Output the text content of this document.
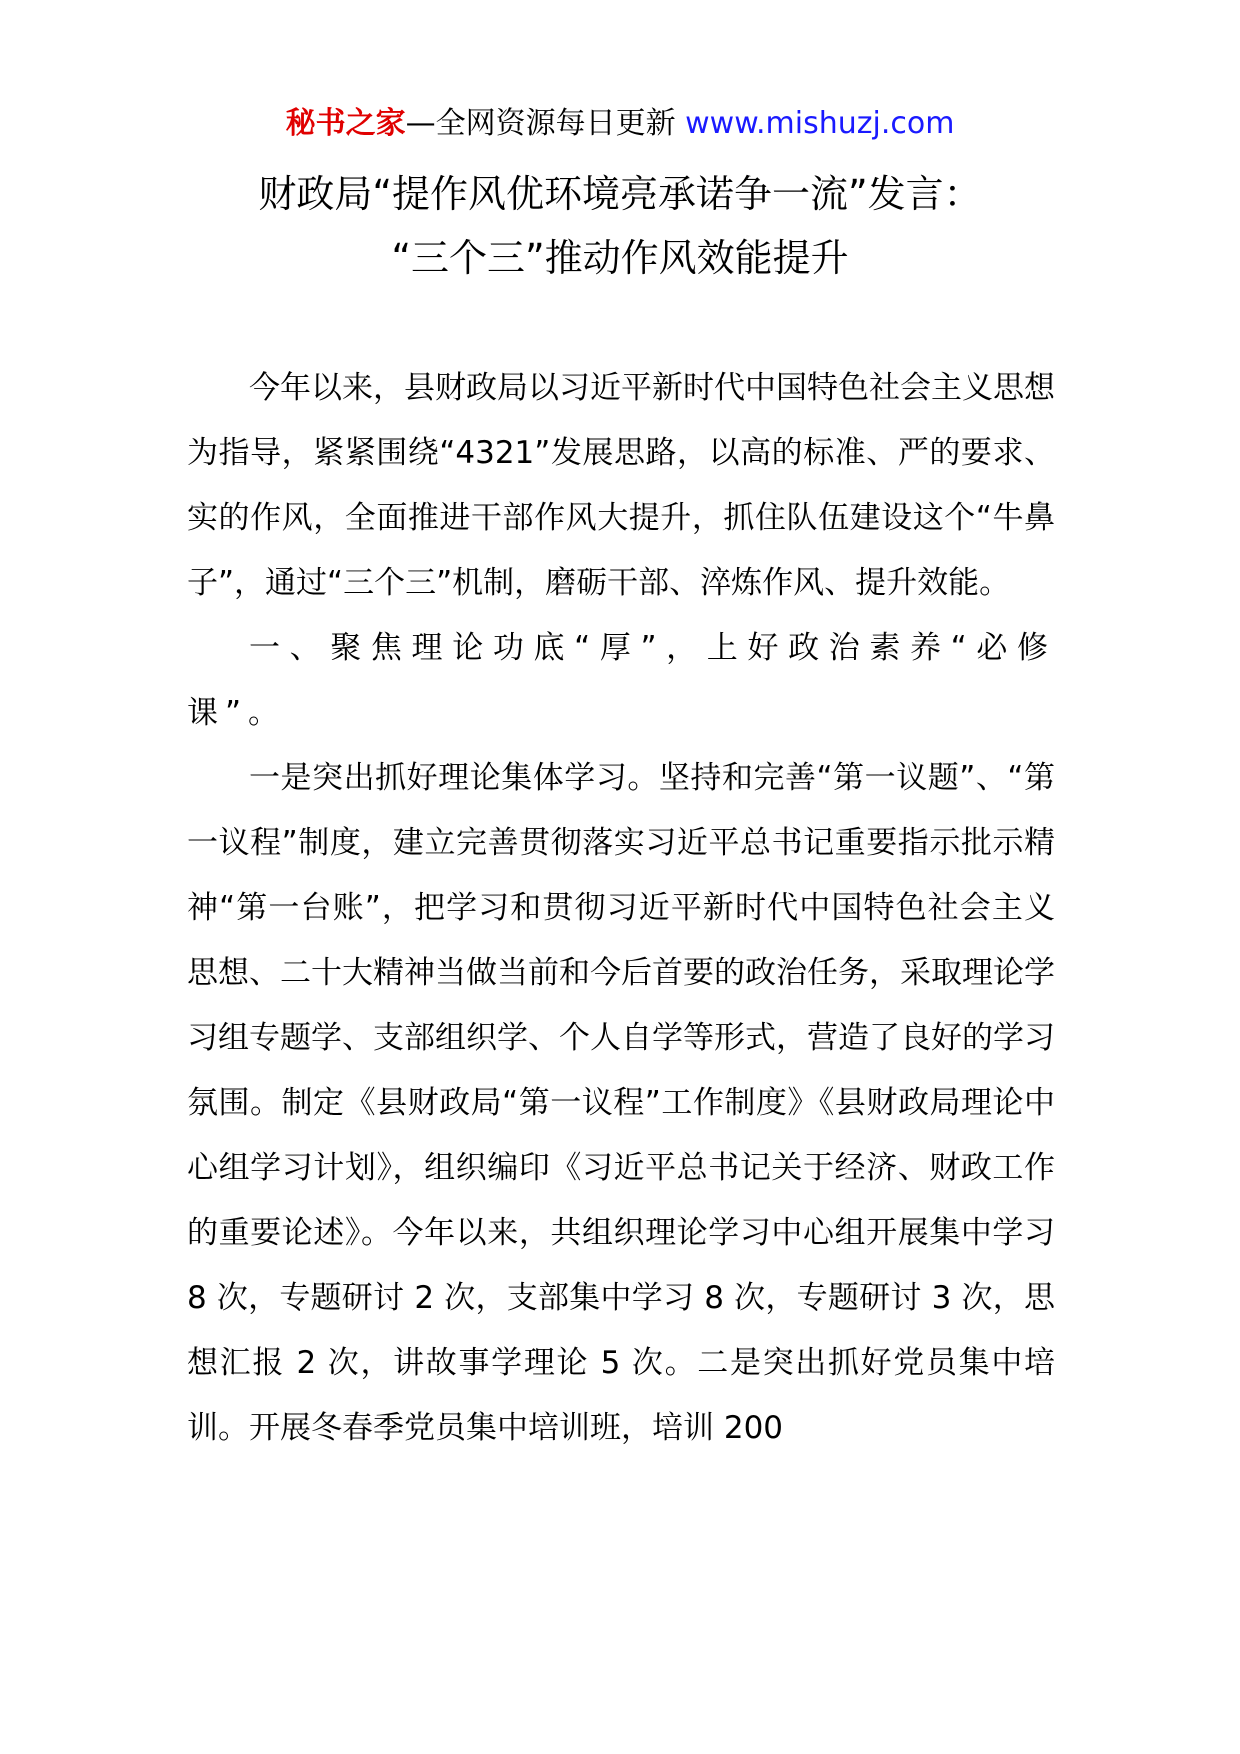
秘书之家—全网资源每日更新 www.mishuzj.com
财政局“提作风优环境亮承诺争一流”发言：
“三个三”推动作风效能提升

今年以来，县财政局以习近平新时代中国特色社会主义思想为指导，紧紧围绕“4321”发展思路，以高的标准、严的要求、实的作风，全面推进干部作风大提升，抓住队伍建设这个“牛鼻子”，通过“三个三”机制，磨砺干部、淬炼作风、提升效能。

一、聚焦理论功底“厚”，上好政治素养“必修课”。

一是突出抓好理论集体学习。坚持和完善“第一议题”、“第一议程”制度，建立完善贯彻落实习近平总书记重要指示批示精神“第一台账”，把学习和贯彻习近平新时代中国特色社会主义思想、二十大精神当做当前和今后首要的政治任务，采取理论学习组专题学、支部组织学、个人自学等形式，营造了良好的学习氛围。制定《县财政局“第一议程”工作制度》《县财政局理论中心组学习计划》，组织编印《习近平总书记关于经济、财政工作的重要论述》。今年以来，共组织理论学习中心组开展集中学习 8 次，专题研讨 2 次，支部集中学习 8 次，专题研讨 3 次，思想汇报 2 次，讲故事学理论 5 次。二是突出抓好党员集中培训。开展冬春季党员集中培训班，培训 200
